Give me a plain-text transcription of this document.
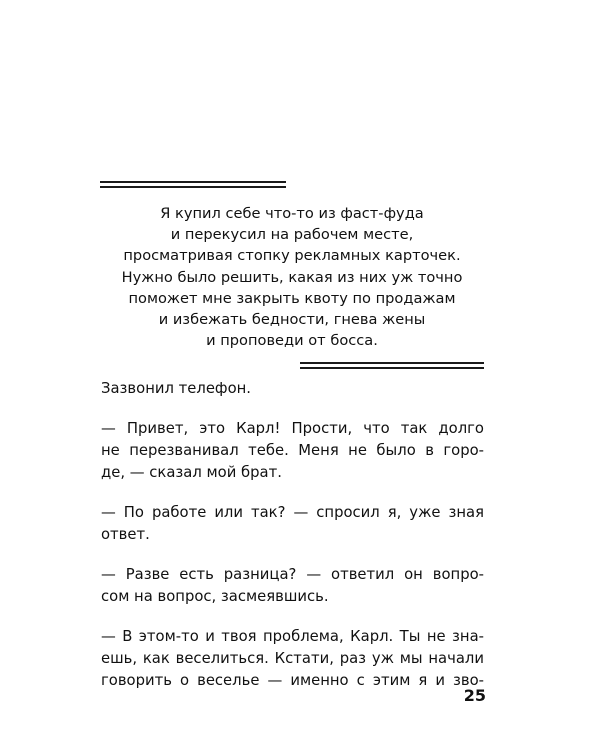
Я купил себе что-то из фаст-фуда
и перекусил на рабочем месте,
просматривая стопку рекламных карточек.
Нужно было решить, какая из них уж точно
поможет мне закрыть квоту по продажам
и избежать бедности, гнева жены
и проповеди от босса.
Зазвонил телефон.
— Привет, это Карл! Прости, что так долго
не перезванивал тебе. Меня не было в горо-
де, — сказал мой брат.
— По работе или так? — спросил я, уже зная
ответ.
— Разве есть разница? — ответил он вопро-
сом на вопрос, засмеявшись.
— В этом-то и твоя проблема, Карл. Ты не зна-
ешь, как веселиться. Кстати, раз уж мы начали
говорить о веселье — именно с этим я и зво-
25
